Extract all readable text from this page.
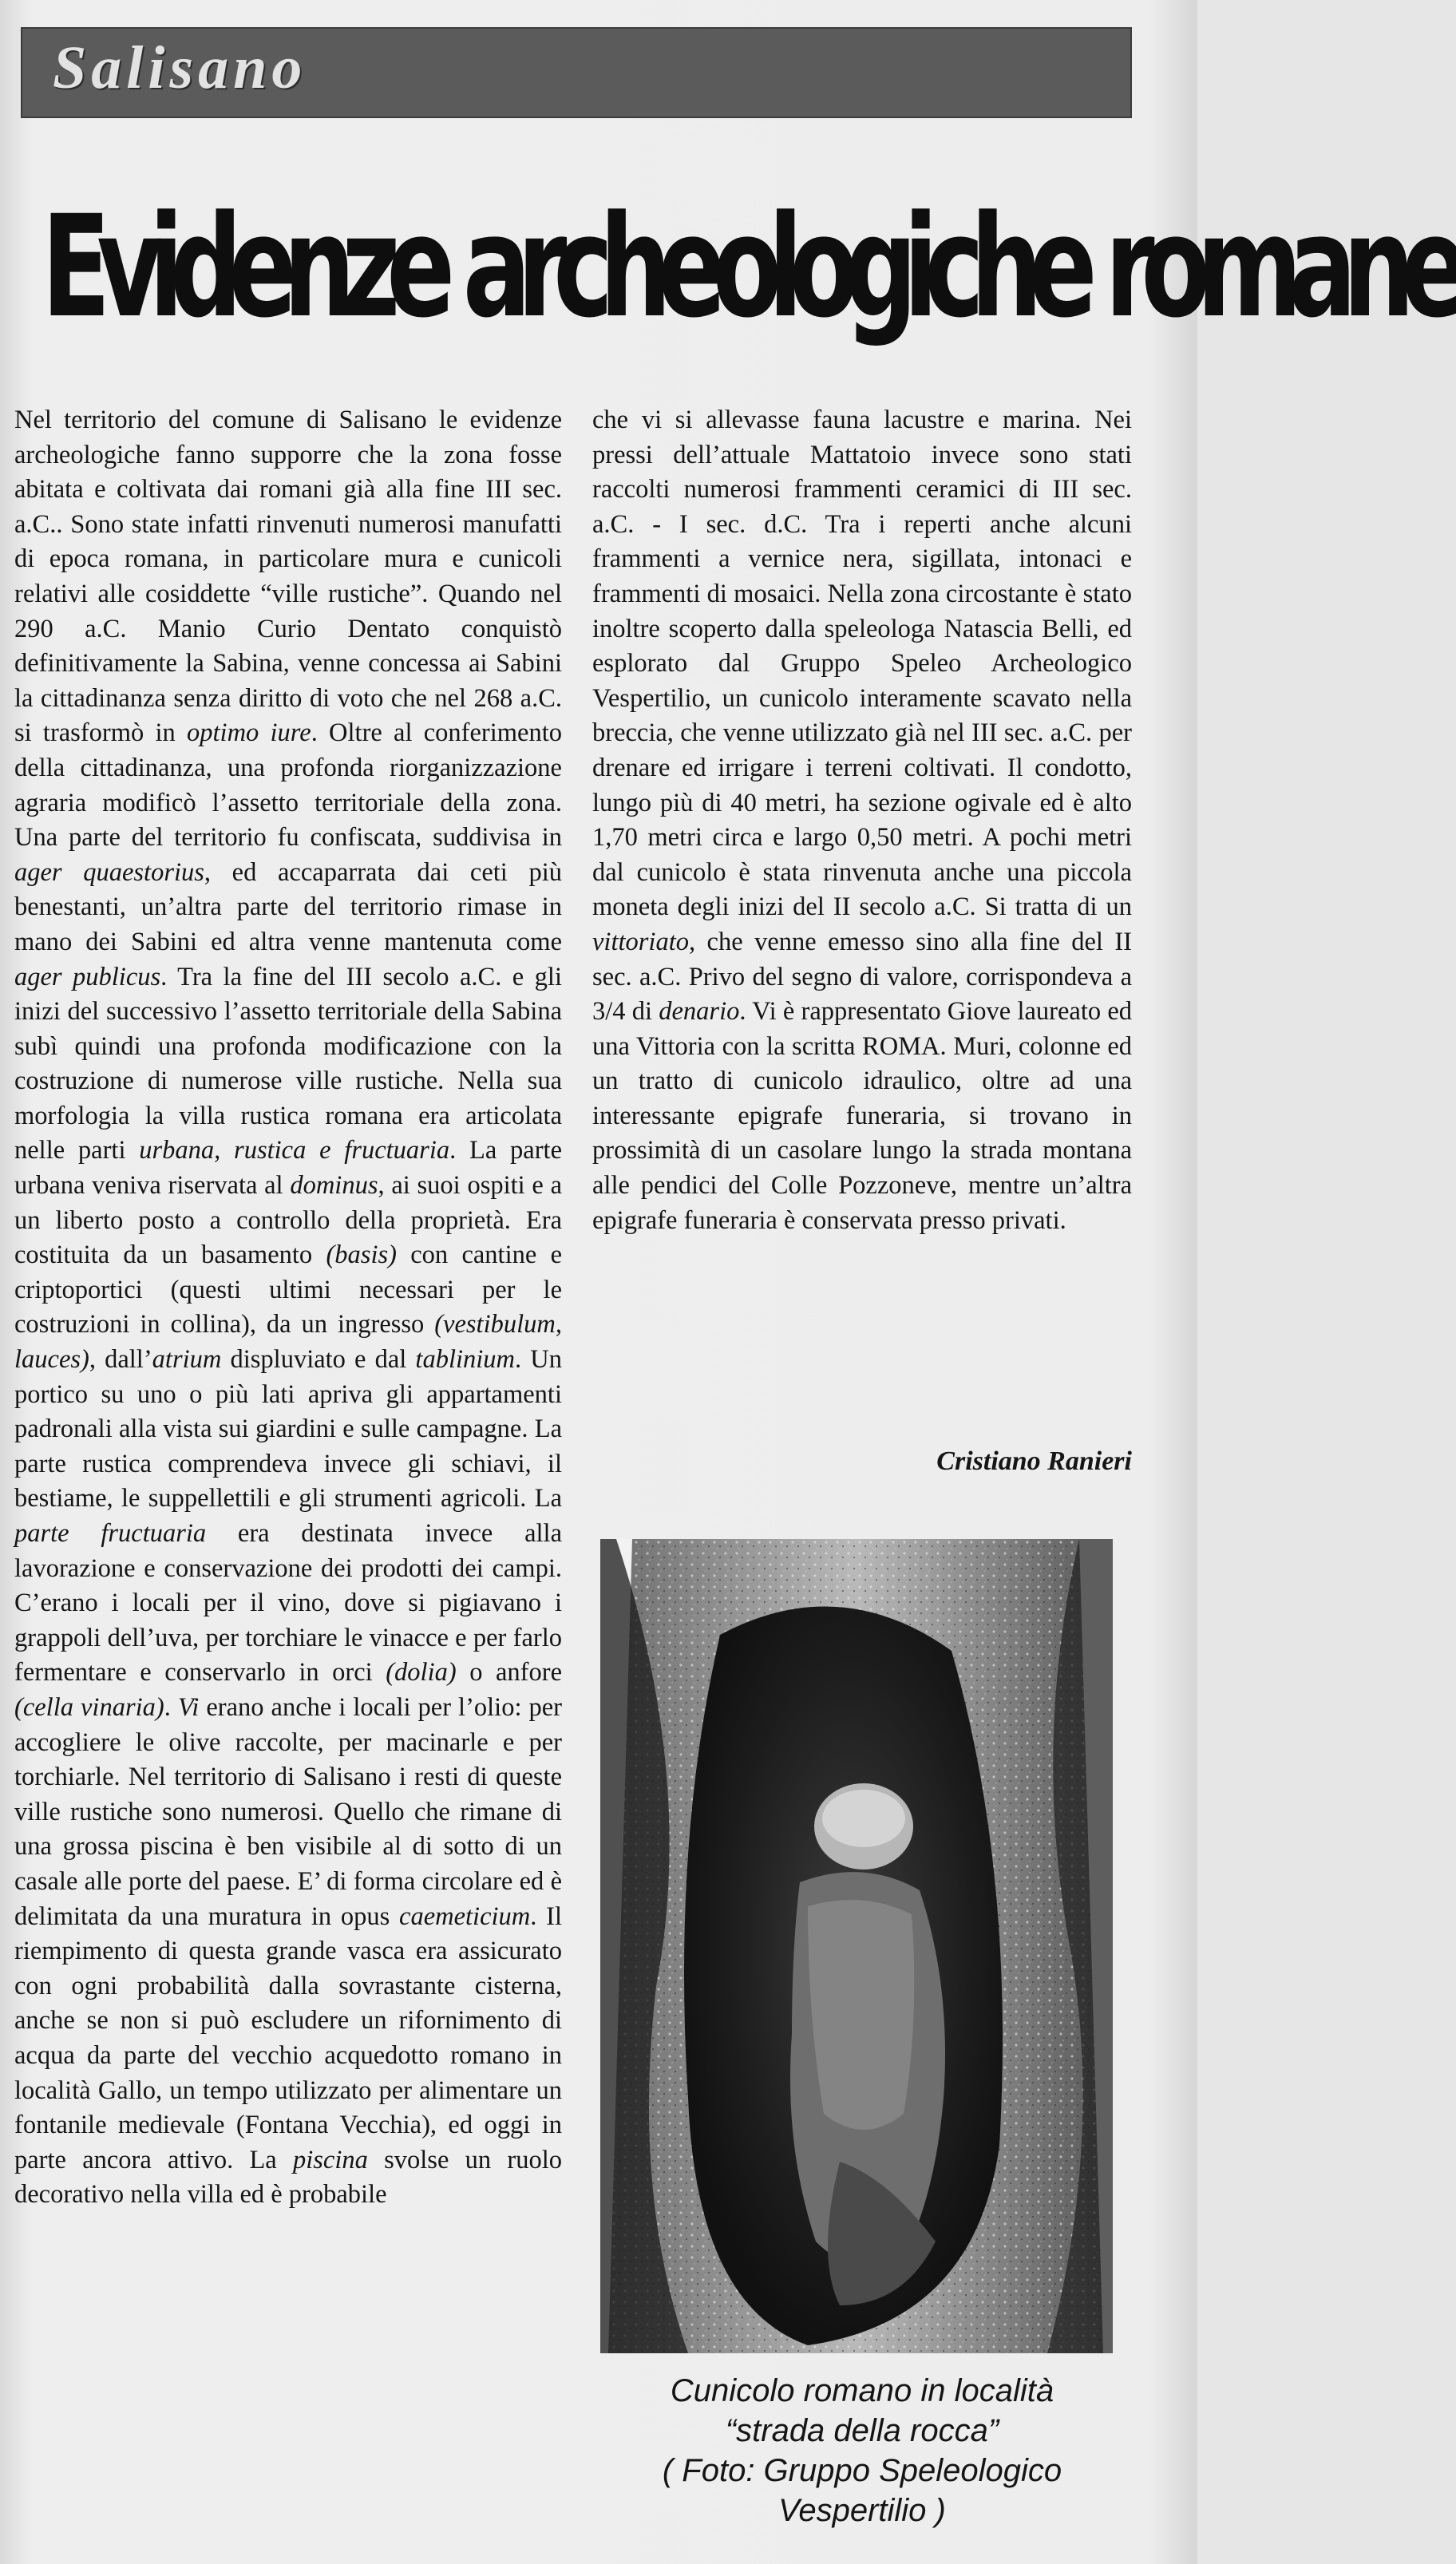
Salisano
Evidenze archeologiche romane

Nel territorio del comune di Salisano le evidenze archeologiche fanno supporre che la zona fosse abitata e coltivata dai romani già alla fine III sec. a.C.. Sono state infatti rinvenuti numerosi manufatti di epoca romana, in particolare mura e cunicoli relativi alle cosiddette “ville rustiche”. Quando nel 290 a.C. Manio Curio Dentato conquistò definitivamente la Sabina, venne concessa ai Sabini la cittadinanza senza diritto di voto che nel 268 a.C. si trasformò in optimo iure. Oltre al conferimento della cittadinanza, una profonda riorganizzazione agraria modificò l’assetto territoriale della zona. Una parte del territorio fu confiscata, suddivisa in ager quaestorius, ed accaparrata dai ceti più benestanti, un’altra parte del territorio rimase in mano dei Sabini ed altra venne mantenuta come ager publicus. Tra la fine del III secolo a.C. e gli inizi del successivo l’assetto territoriale della Sabina subì quindi una profonda modificazione con la costruzione di numerose ville rustiche. Nella sua morfologia la villa rustica romana era articolata nelle parti urbana, rustica e fructuaria. La parte urbana veniva riservata al dominus, ai suoi ospiti e a un liberto posto a controllo della proprietà. Era costituita da un basamento (basis) con cantine e criptoportici (questi ultimi necessari per le costruzioni in collina), da un ingresso (vestibulum, lauces), dall’atrium displuviato e dal tablinium. Un portico su uno o più lati apriva gli appartamenti padronali alla vista sui giardini e sulle campagne. La parte rustica comprendeva invece gli schiavi, il bestiame, le suppellettili e gli strumenti agricoli. La parte fructuaria era destinata invece alla lavorazione e conservazione dei prodotti dei campi. C’erano i locali per il vino, dove si pigiavano i grappoli dell’uva, per torchiare le vinacce e per farlo fermentare e conservarlo in orci (dolia) o anfore (cella vinaria). Vi erano anche i locali per l’olio: per accogliere le olive raccolte, per macinarle e per torchiarle. Nel territorio di Salisano i resti di queste ville rustiche sono numerosi. Quello che rimane di una grossa piscina è ben visibile al di sotto di un casale alle porte del paese. E’ di forma circolare ed è delimitata da una muratura in opus caemeticium. Il riempimento di questa grande vasca era assicurato con ogni probabilità dalla sovrastante cisterna, anche se non si può escludere un rifornimento di acqua da parte del vecchio acquedotto romano in località Gallo, un tempo utilizzato per alimentare un fontanile medievale (Fontana Vecchia), ed oggi in parte ancora attivo. La piscina svolse un ruolo decorativo nella villa ed è probabile

che vi si allevasse fauna lacustre e marina. Nei pressi dell’attuale Mattatoio invece sono stati raccolti numerosi frammenti ceramici di III sec. a.C. - I sec. d.C. Tra i reperti anche alcuni frammenti a vernice nera, sigillata, intonaci e frammenti di mosaici. Nella zona circostante è stato inoltre scoperto dalla speleologa Natascia Belli, ed esplorato dal Gruppo Speleo Archeologico Vespertilio, un cunicolo interamente scavato nella breccia, che venne utilizzato già nel III sec. a.C. per drenare ed irrigare i terreni coltivati. Il condotto, lungo più di 40 metri, ha sezione ogivale ed è alto 1,70 metri circa e largo 0,50 metri. A pochi metri dal cunicolo è stata rinvenuta anche una piccola moneta degli inizi del II secolo a.C. Si tratta di un vittoriato, che venne emesso sino alla fine del II sec. a.C. Privo del segno di valore, corrispondeva a 3/4 di denario. Vi è rappresentato Giove laureato ed una Vittoria con la scritta ROMA. Muri, colonne ed un tratto di cunicolo idraulico, oltre ad una interessante epigrafe funeraria, si trovano in prossimità di un casolare lungo la strada montana alle pendici del Colle Pozzoneve, mentre un’altra epigrafe funeraria è conservata presso privati.

Cristiano Ranieri
Cunicolo romano in località
“strada della rocca”
( Foto: Gruppo Speleologico
Vespertilio )
